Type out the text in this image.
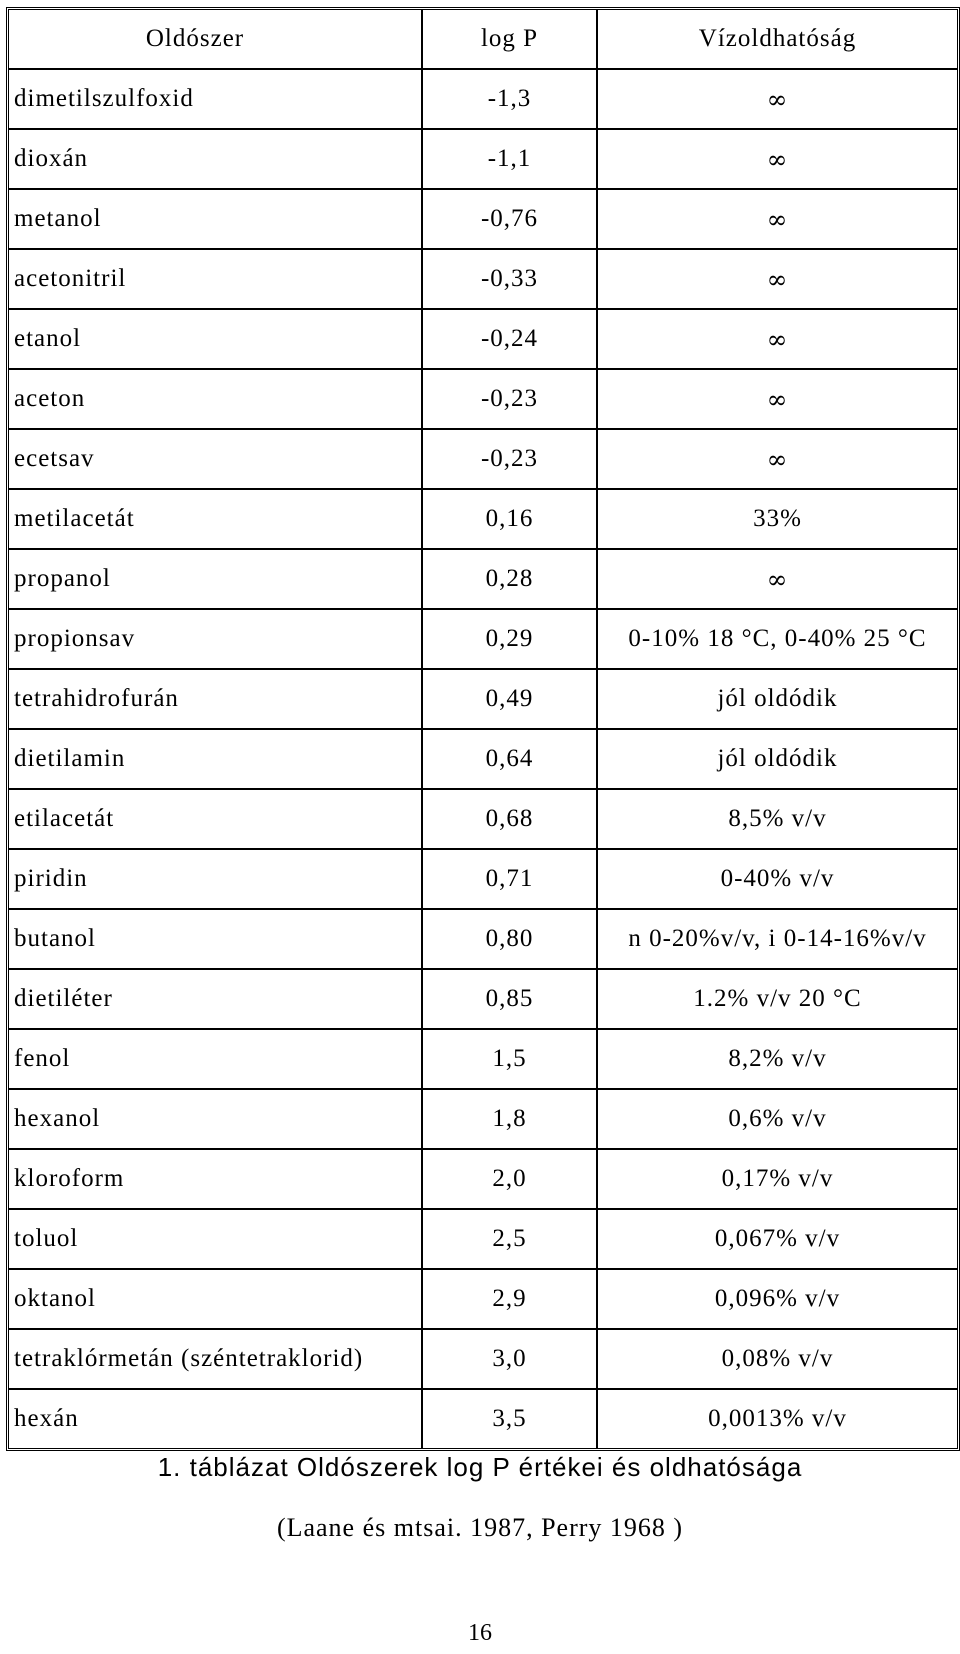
Oldószer	log P	Vízoldhatóság
dimetilszulfoxid	-1,3	∞
dioxán	-1,1	∞
metanol	-0,76	∞
acetonitril	-0,33	∞
etanol	-0,24	∞
aceton	-0,23	∞
ecetsav	-0,23	∞
metilacetát	0,16	33%
propanol	0,28	∞
propionsav	0,29	0-10% 18 °C, 0-40% 25 °C
tetrahidrofurán	0,49	jól oldódik
dietilamin	0,64	jól oldódik
etilacetát	0,68	8,5% v/v
piridin	0,71	0-40% v/v
butanol	0,80	n 0-20%v/v, i 0-14-16%v/v
dietiléter	0,85	1.2% v/v 20 °C
fenol	1,5	8,2% v/v
hexanol	1,8	0,6% v/v
kloroform	2,0	0,17% v/v
toluol	2,5	0,067% v/v
oktanol	2,9	0,096% v/v
tetraklórmetán (széntetraklorid)	3,0	0,08% v/v
hexán	3,5	0,0013% v/v
1. táblázat Oldószerek log P értékei és oldhatósága
(Laane és mtsai. 1987, Perry 1968 )
16
